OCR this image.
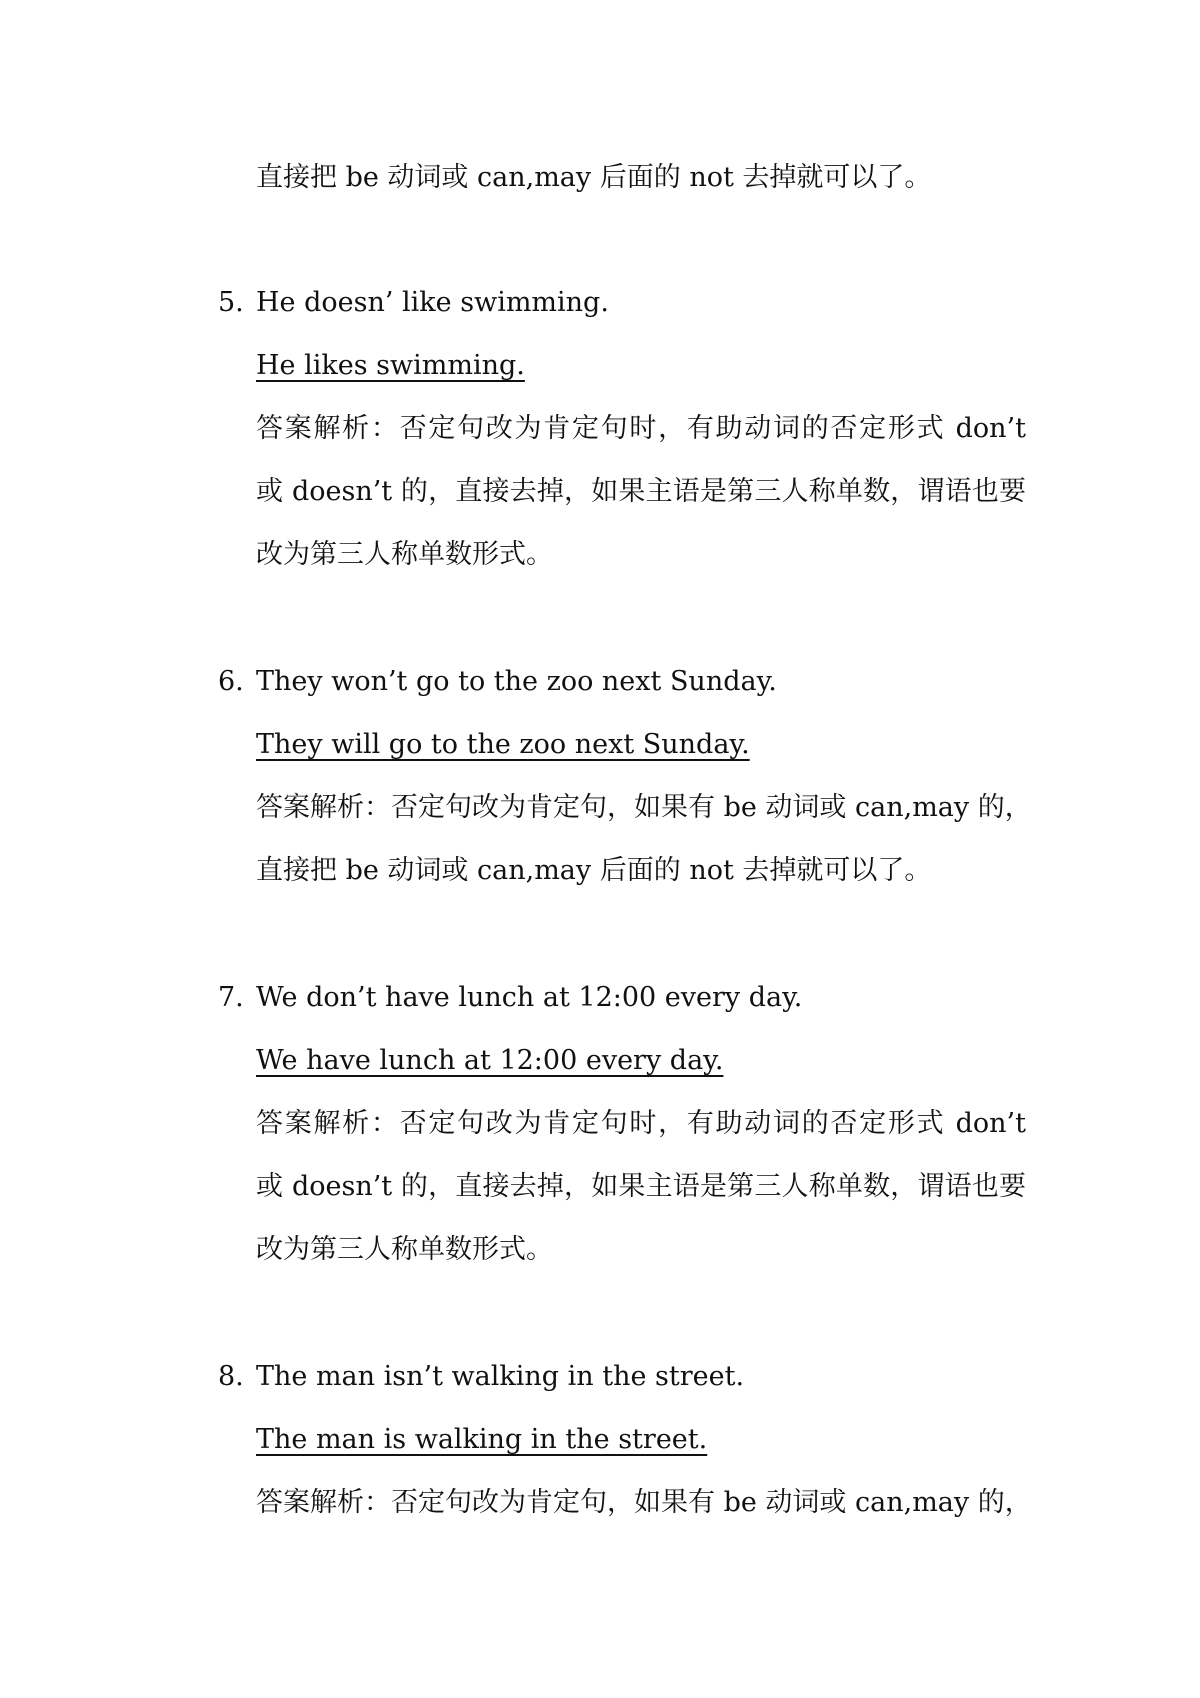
直接把 be 动词或 can,may 后面的 not 去掉就可以了。
5. He doesn’ like swimming.
He likes swimming.
答案解析：否定句改为肯定句时，有助动词的否定形式 don’t
或 doesn’t 的，直接去掉，如果主语是第三人称单数，谓语也要
改为第三人称单数形式。
6. They won’t go to the zoo next Sunday.
They will go to the zoo next Sunday.
答案解析：否定句改为肯定句，如果有 be 动词或 can,may 的，
直接把 be 动词或 can,may 后面的 not 去掉就可以了。
7. We don’t have lunch at 12:00 every day.
We have lunch at 12:00 every day.
答案解析：否定句改为肯定句时，有助动词的否定形式 don’t
或 doesn’t 的，直接去掉，如果主语是第三人称单数，谓语也要
改为第三人称单数形式。
8. The man isn’t walking in the street.
The man is walking in the street.
答案解析：否定句改为肯定句，如果有 be 动词或 can,may 的，
